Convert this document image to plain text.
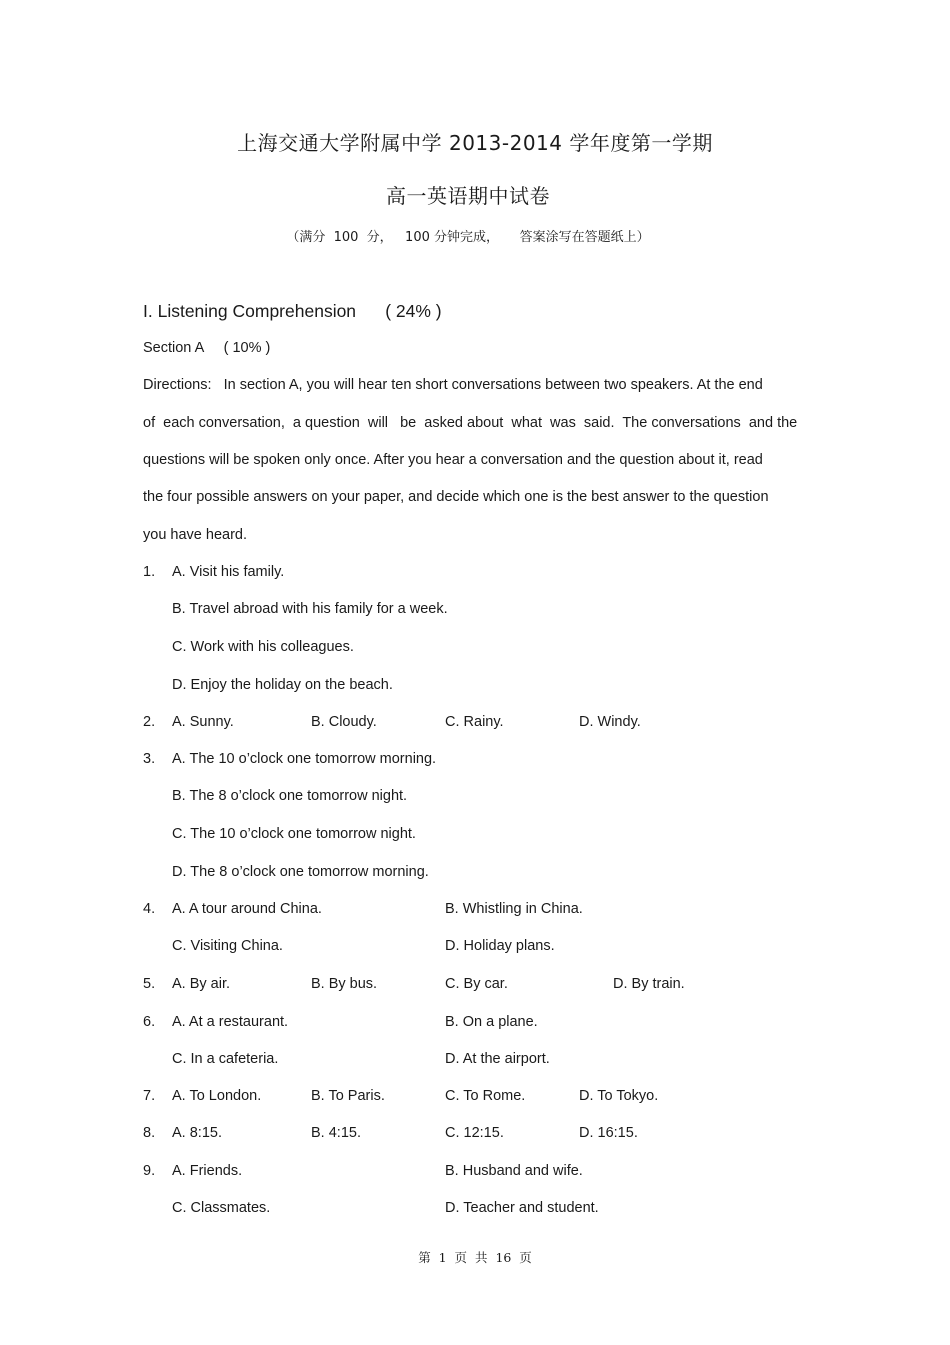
上海交通大学附属中学 2013-2014 学年度第一学期
高一英语期中试卷
（满分  100  分，   100 分钟完成，     答案涂写在答题纸上）
I. Listening Comprehension      ( 24% )
Section A     ( 10% )
Directions:   In section A, you will hear ten short conversations between two speakers. At the end
of  each conversation,  a question  will   be  asked about  what  was  said.  The conversations  and the
questions will be spoken only once. After you hear a conversation and the question about it, read
the four possible answers on your paper, and decide which one is the best answer to the question
you have heard.
1. A. Visit his family.
B. Travel abroad with his family for a week.
C. Work with his colleagues.
D. Enjoy the holiday on the beach.
2. A. Sunny.	B. Cloudy.	C. Rainy.	D. Windy.
3. A. The 10 o’clock one tomorrow morning.
B. The 8 o’clock one tomorrow night.
C. The 10 o’clock one tomorrow night.
D. The 8 o’clock one tomorrow morning.
4. A. A tour around China.	B. Whistling in China.
C. Visiting China.	D. Holiday plans.
5. A. By air.	B. By bus.	C. By car.	D. By train.
6. A. At a restaurant.	B. On a plane.
C. In a cafeteria.	D. At the airport.
7. A. To London.	B. To Paris.	C. To Rome.	D. To Tokyo.
8. A. 8:15.	B. 4:15.	C. 12:15.	D. 16:15.
9. A. Friends.	B. Husband and wife.
C. Classmates.	D. Teacher and student.
第  1  页  共  16  页
